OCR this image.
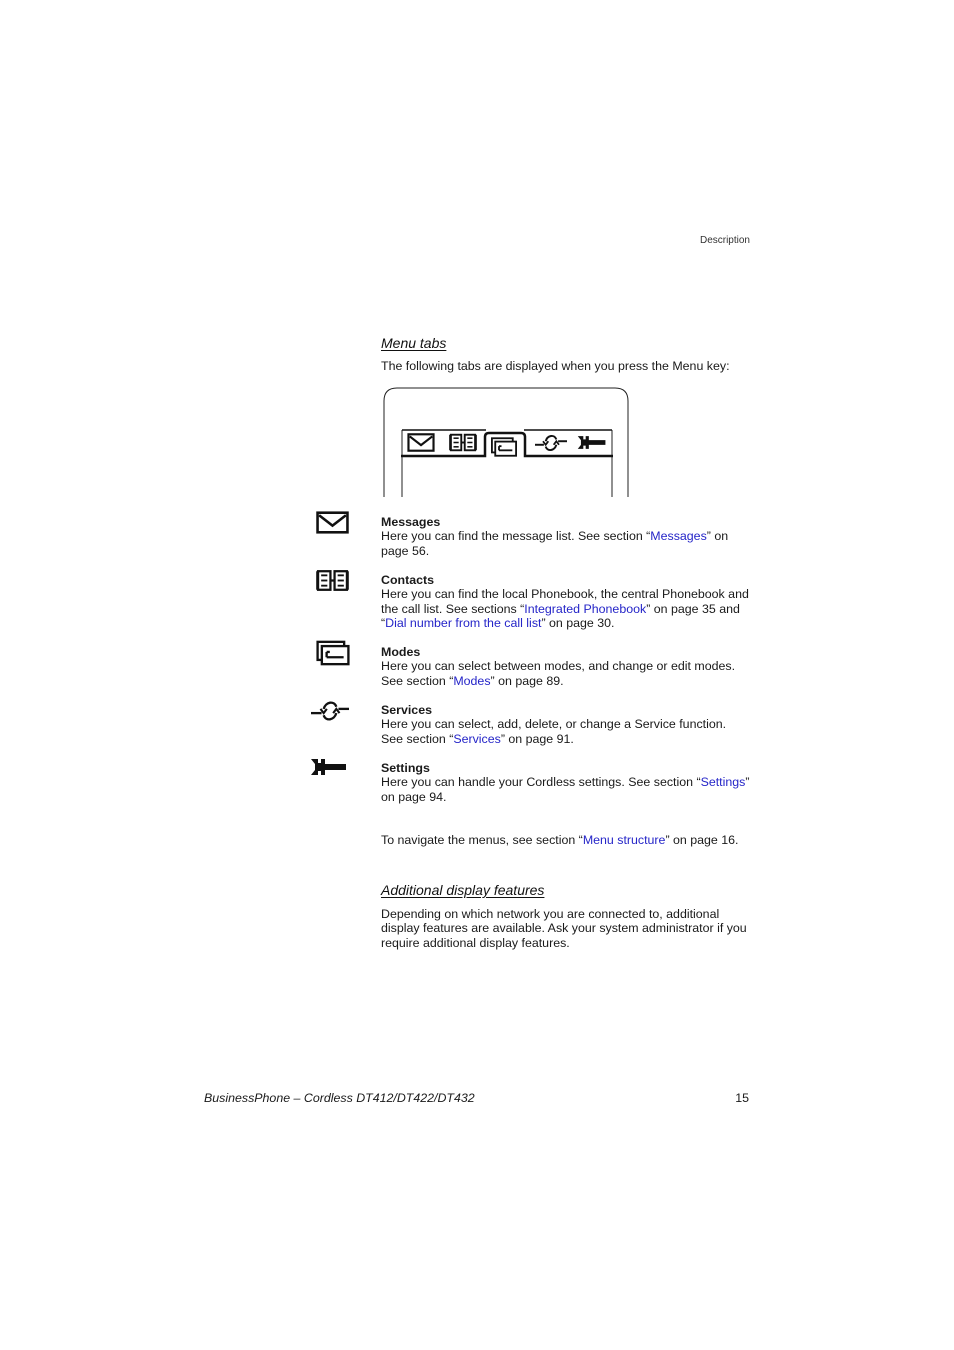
Description
Menu tabs
The following tabs are displayed when you press the Menu key:
Messages
Here you can find the message list. See section “Messages” on page 56.
Contacts
Here you can find the local Phonebook, the central Phonebook and the call list. See sections “Integrated Phonebook” on page 35 and “Dial number from the call list” on page 30.
Modes
Here you can select between modes, and change or edit modes. See section “Modes” on page 89.
Services
Here you can select, add, delete, or change a Service function. See section “Services” on page 91.
Settings
Here you can handle your Cordless settings. See section “Settings” on page 94.
To navigate the menus, see section “Menu structure” on page 16.
Additional display features
Depending on which network you are connected to, additional display features are available. Ask your system administrator if you require additional display features.
BusinessPhone – Cordless DT412/DT422/DT432	15
